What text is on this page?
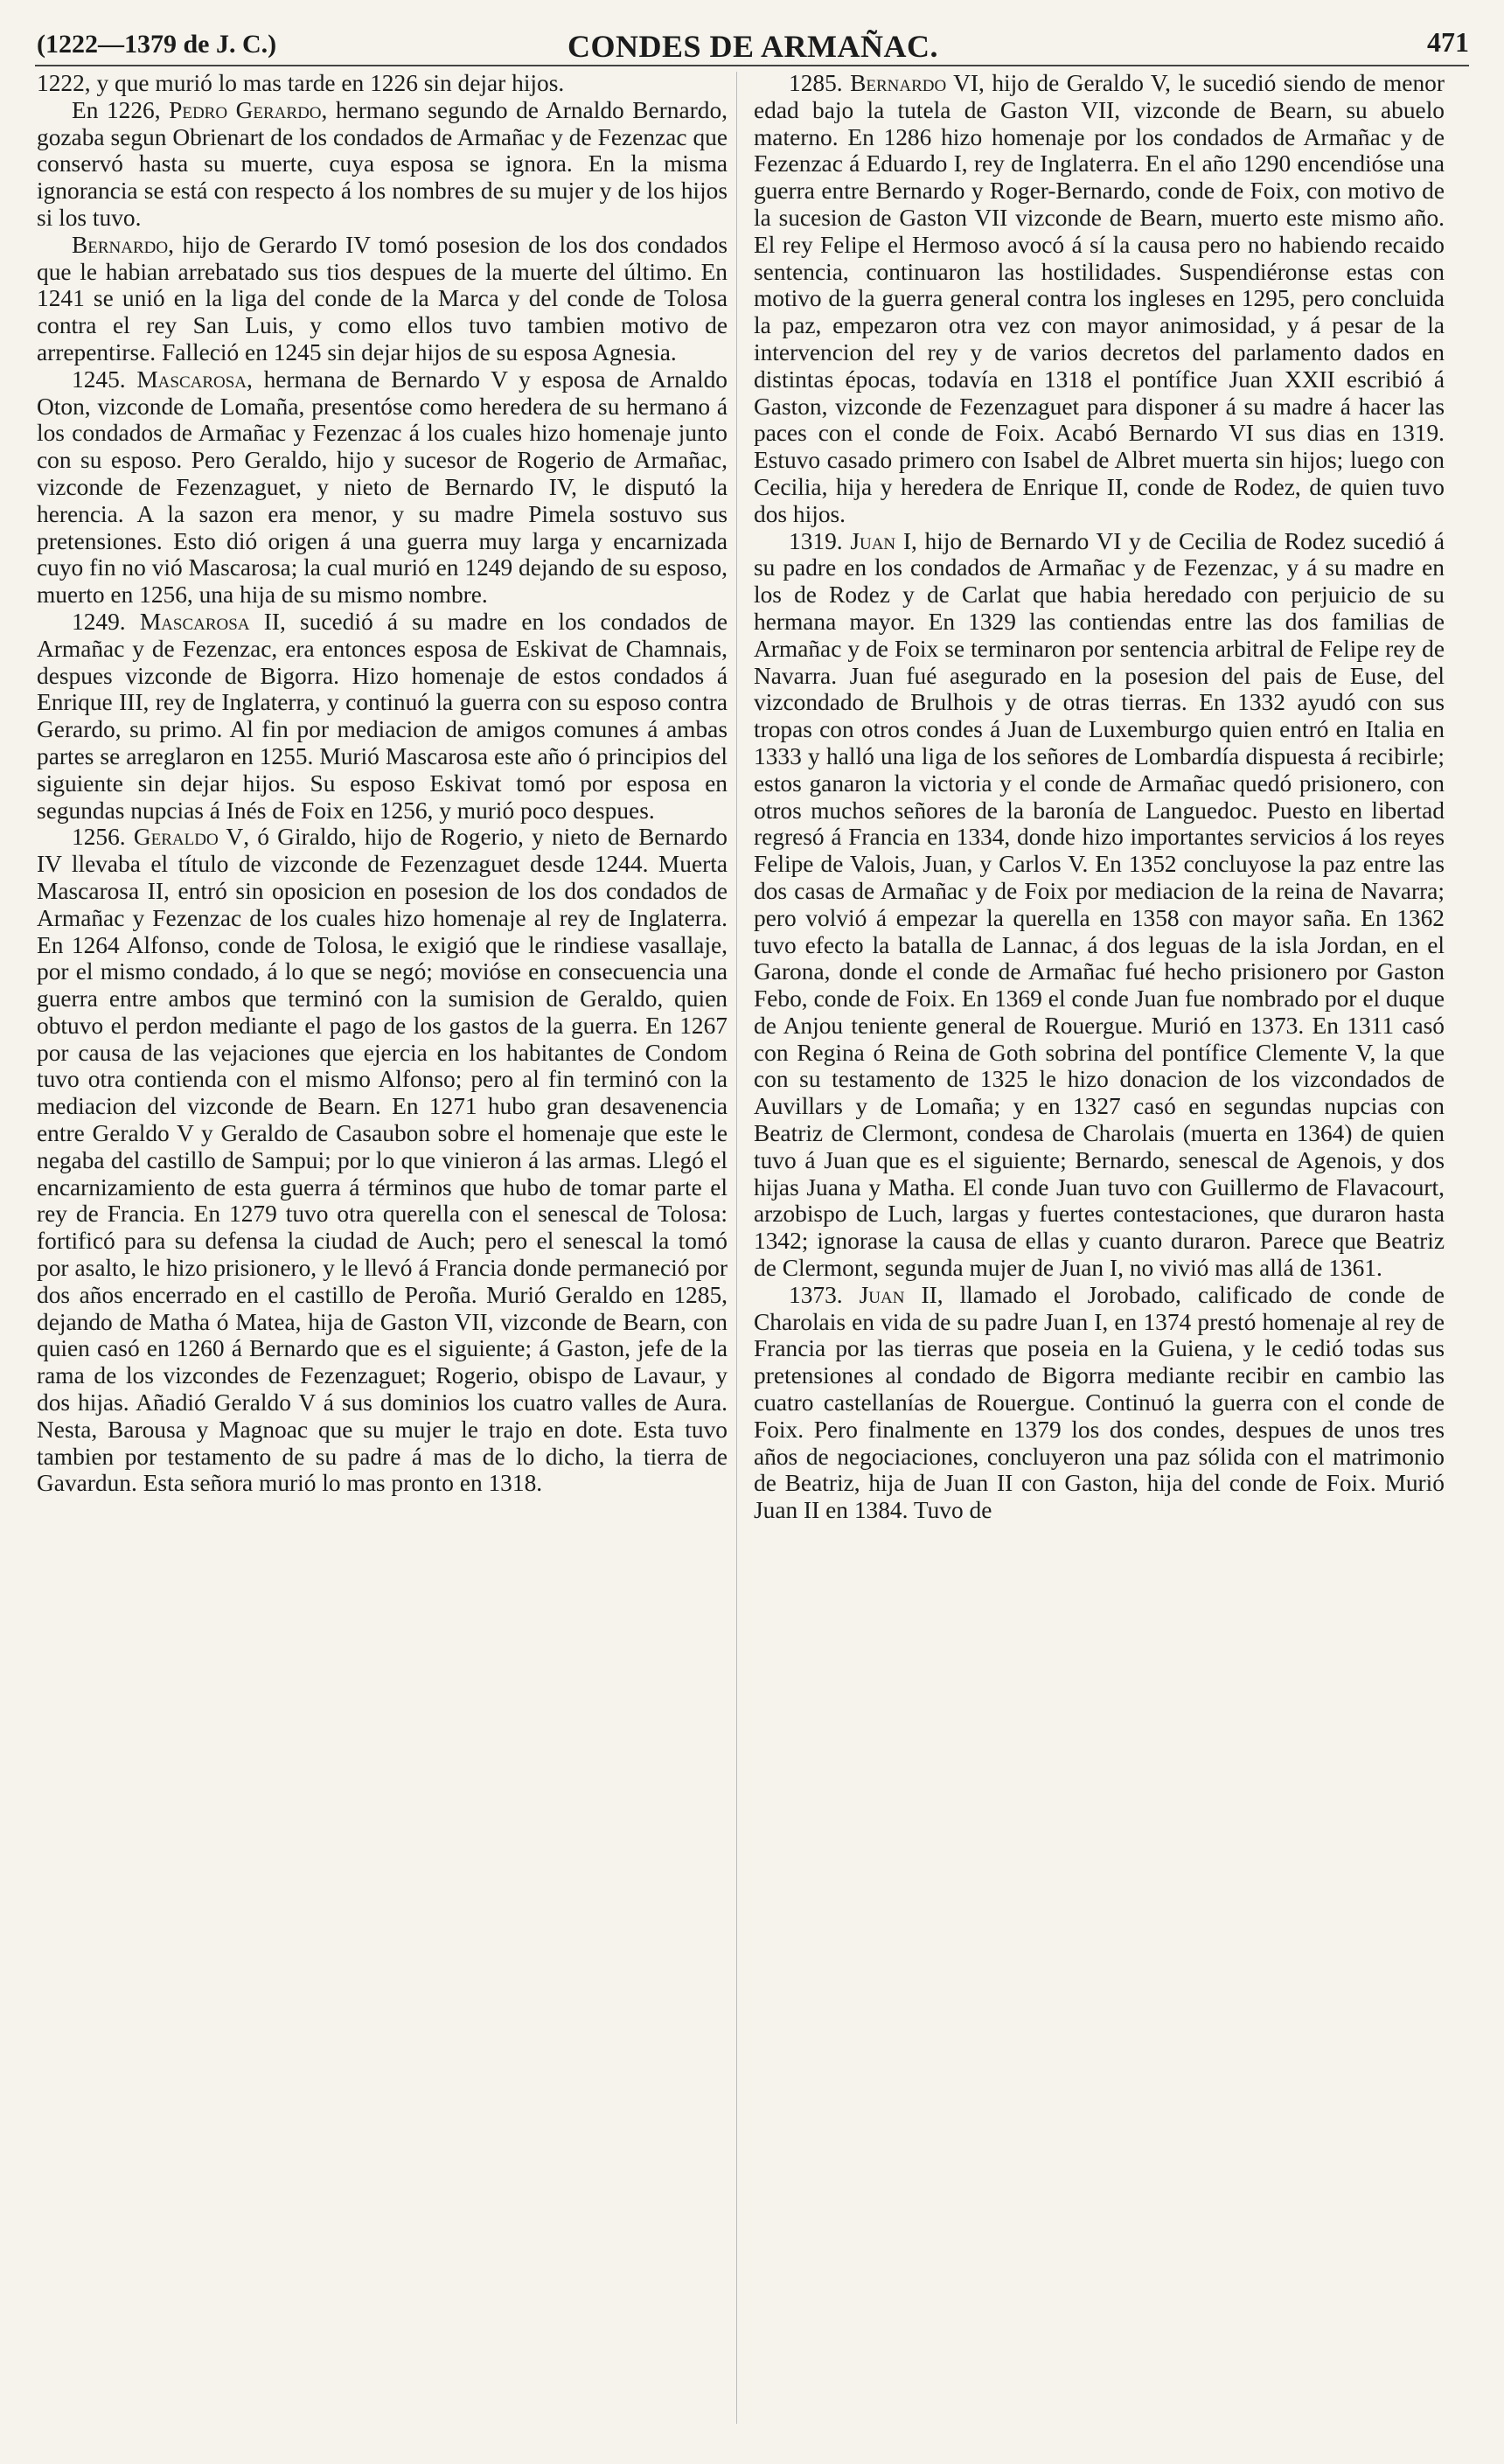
(1222—1379 de J. C.)	CONDES DE ARMAÑAC.	471

1222, y que murió lo mas tarde en 1226 sin dejar hijos.

En 1226, Pedro Gerardo, hermano segundo de Arnaldo Bernardo, gozaba segun Obrienart de los condados de Armañac y de Fezenzac que conservó hasta su muerte, cuya esposa se ignora. En la misma ignorancia se está con respecto á los nombres de su mujer y de los hijos si los tuvo.

Bernardo, hijo de Gerardo IV tomó posesion de los dos condados que le habian arrebatado sus tios despues de la muerte del último. En 1241 se unió en la liga del conde de la Marca y del conde de Tolosa contra el rey San Luis, y como ellos tuvo tambien motivo de arrepentirse. Falleció en 1245 sin dejar hijos de su esposa Agnesia.

1245. Mascarosa, hermana de Bernardo V y esposa de Arnaldo Oton, vizconde de Lomaña, presentóse como heredera de su hermano á los condados de Armañac y Fezenzac á los cuales hizo homenaje junto con su esposo. Pero Geraldo, hijo y sucesor de Rogerio de Armañac, vizconde de Fezenzaguet, y nieto de Bernardo IV, le disputó la herencia. A la sazon era menor, y su madre Pimela sostuvo sus pretensiones. Esto dió origen á una guerra muy larga y encarnizada cuyo fin no vió Mascarosa; la cual murió en 1249 dejando de su esposo, muerto en 1256, una hija de su mismo nombre.

1249. Mascarosa II, sucedió á su madre en los condados de Armañac y de Fezenzac, era entonces esposa de Eskivat de Chamnais, despues vizconde de Bigorra. Hizo homenaje de estos condados á Enrique III, rey de Inglaterra, y continuó la guerra con su esposo contra Gerardo, su primo. Al fin por mediacion de amigos comunes á ambas partes se arreglaron en 1255. Murió Mascarosa este año ó principios del siguiente sin dejar hijos. Su esposo Eskivat tomó por esposa en segundas nupcias á Inés de Foix en 1256, y murió poco despues.

1256. Geraldo V, ó Giraldo, hijo de Rogerio, y nieto de Bernardo IV llevaba el título de vizconde de Fezenzaguet desde 1244. Muerta Mascarosa II, entró sin oposicion en posesion de los dos condados de Armañac y Fezenzac de los cuales hizo homenaje al rey de Inglaterra. En 1264 Alfonso, conde de Tolosa, le exigió que le rindiese vasallaje, por el mismo condado, á lo que se negó; movióse en consecuencia una guerra entre ambos que terminó con la sumision de Geraldo, quien obtuvo el perdon mediante el pago de los gastos de la guerra. En 1267 por causa de las vejaciones que ejercia en los habitantes de Condom tuvo otra contienda con el mismo Alfonso; pero al fin terminó con la mediacion del vizconde de Bearn. En 1271 hubo gran desavenencia entre Geraldo V y Geraldo de Casaubon sobre el homenaje que este le negaba del castillo de Sampui; por lo que vinieron á las armas. Llegó el encarnizamiento de esta guerra á términos que hubo de tomar parte el rey de Francia. En 1279 tuvo otra querella con el senescal de Tolosa: fortificó para su defensa la ciudad de Auch; pero el senescal la tomó por asalto, le hizo prisionero, y le llevó á Francia donde permaneció por dos años encerrado en el castillo de Peroña. Murió Geraldo en 1285, dejando de Matha ó Matea, hija de Gaston VII, vizconde de Bearn, con quien casó en 1260 á Bernardo que es el siguiente; á Gaston, jefe de la rama de los vizcondes de Fezenzaguet; Rogerio, obispo de Lavaur, y dos hijas. Añadió Geraldo V á sus dominios los cuatro valles de Aura. Nesta, Barousa y Magnoac que su mujer le trajo en dote. Esta tuvo tambien por testamento de su padre á mas de lo dicho, la tierra de Gavardun. Esta señora murió lo mas pronto en 1318.

1285. Bernardo VI, hijo de Geraldo V, le sucedió siendo de menor edad bajo la tutela de Gaston VII, vizconde de Bearn, su abuelo materno. En 1286 hizo homenaje por los condados de Armañac y de Fezenzac á Eduardo I, rey de Inglaterra. En el año 1290 encendióse una guerra entre Bernardo y Roger-Bernardo, conde de Foix, con motivo de la sucesion de Gaston VII vizconde de Bearn, muerto este mismo año. El rey Felipe el Hermoso avocó á sí la causa pero no habiendo recaido sentencia, continuaron las hostilidades. Suspendiéronse estas con motivo de la guerra general contra los ingleses en 1295, pero concluida la paz, empezaron otra vez con mayor animosidad, y á pesar de la intervencion del rey y de varios decretos del parlamento dados en distintas épocas, todavía en 1318 el pontífice Juan XXII escribió á Gaston, vizconde de Fezenzaguet para disponer á su madre á hacer las paces con el conde de Foix. Acabó Bernardo VI sus dias en 1319. Estuvo casado primero con Isabel de Albret muerta sin hijos; luego con Cecilia, hija y heredera de Enrique II, conde de Rodez, de quien tuvo dos hijos.

1319. Juan I, hijo de Bernardo VI y de Cecilia de Rodez sucedió á su padre en los condados de Armañac y de Fezenzac, y á su madre en los de Rodez y de Carlat que habia heredado con perjuicio de su hermana mayor. En 1329 las contiendas entre las dos familias de Armañac y de Foix se terminaron por sentencia arbitral de Felipe rey de Navarra. Juan fué asegurado en la posesion del pais de Euse, del vizcondado de Brulhois y de otras tierras. En 1332 ayudó con sus tropas con otros condes á Juan de Luxemburgo quien entró en Italia en 1333 y halló una liga de los señores de Lombardía dispuesta á recibirle; estos ganaron la victoria y el conde de Armañac quedó prisionero, con otros muchos señores de la baronía de Languedoc. Puesto en libertad regresó á Francia en 1334, donde hizo importantes servicios á los reyes Felipe de Valois, Juan, y Carlos V. En 1352 concluyose la paz entre las dos casas de Armañac y de Foix por mediacion de la reina de Navarra; pero volvió á empezar la querella en 1358 con mayor saña. En 1362 tuvo efecto la batalla de Lannac, á dos leguas de la isla Jordan, en el Garona, donde el conde de Armañac fué hecho prisionero por Gaston Febo, conde de Foix. En 1369 el conde Juan fue nombrado por el duque de Anjou teniente general de Rouergue. Murió en 1373. En 1311 casó con Regina ó Reina de Goth sobrina del pontífice Clemente V, la que con su testamento de 1325 le hizo donacion de los vizcondados de Auvillars y de Lomaña; y en 1327 casó en segundas nupcias con Beatriz de Clermont, condesa de Charolais (muerta en 1364) de quien tuvo á Juan que es el siguiente; Bernardo, senescal de Agenois, y dos hijas Juana y Matha. El conde Juan tuvo con Guillermo de Flavacourt, arzobispo de Luch, largas y fuertes contestaciones, que duraron hasta 1342; ignorase la causa de ellas y cuanto duraron. Parece que Beatriz de Clermont, segunda mujer de Juan I, no vivió mas allá de 1361.

1373. Juan II, llamado el Jorobado, calificado de conde de Charolais en vida de su padre Juan I, en 1374 prestó homenaje al rey de Francia por las tierras que poseia en la Guiena, y le cedió todas sus pretensiones al condado de Bigorra mediante recibir en cambio las cuatro castellanías de Rouergue. Continuó la guerra con el conde de Foix. Pero finalmente en 1379 los dos condes, despues de unos tres años de negociaciones, concluyeron una paz sólida con el matrimonio de Beatriz, hija de Juan II con Gaston, hija del conde de Foix. Murió Juan II en 1384. Tuvo de
